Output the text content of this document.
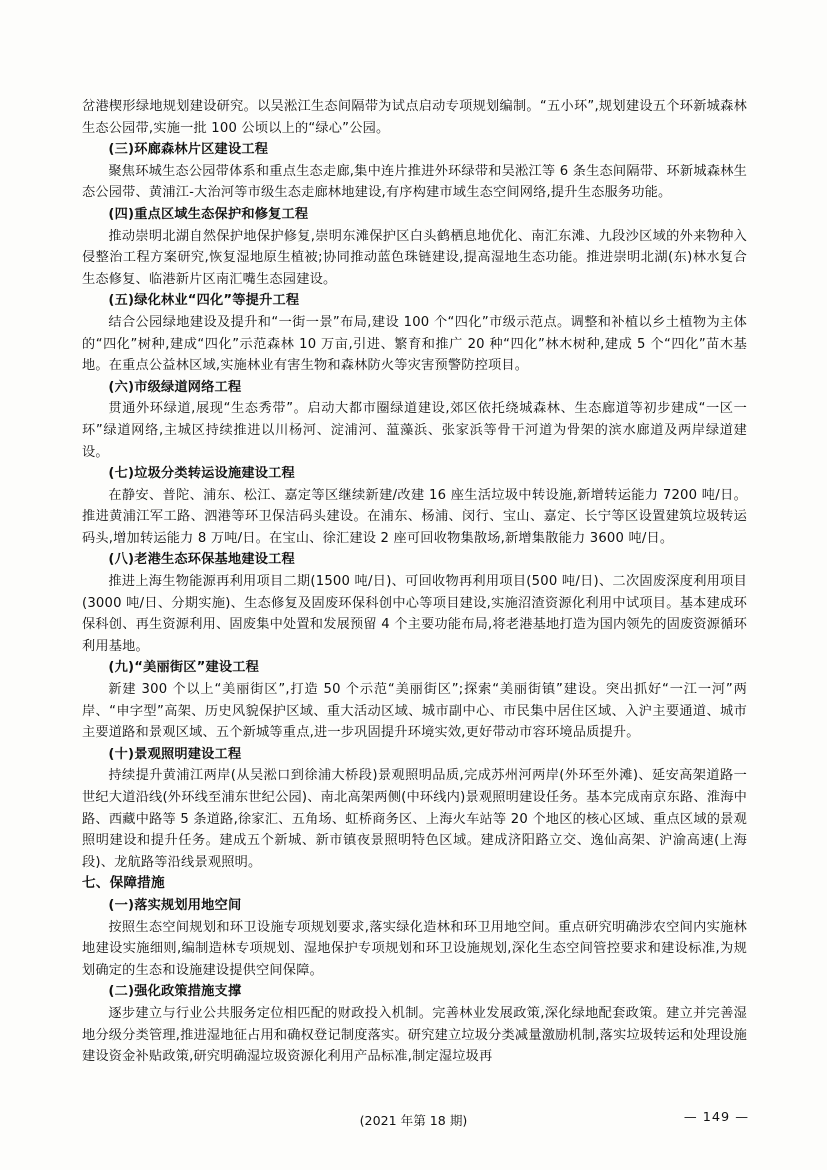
岔港楔形绿地规划建设研究。以吴淞江生态间隔带为试点启动专项规划编制。“五小环”,规划建设五个环新城森林生态公园带,实施一批 100 公顷以上的“绿心”公园。

(三)环廊森林片区建设工程

聚焦环城生态公园带体系和重点生态走廊,集中连片推进外环绿带和吴淞江等 6 条生态间隔带、环新城森林生态公园带、黄浦江-大治河等市级生态走廊林地建设,有序构建市域生态空间网络,提升生态服务功能。

(四)重点区域生态保护和修复工程

推动崇明北湖自然保护地保护修复,崇明东滩保护区白头鹤栖息地优化、南汇东滩、九段沙区域的外来物种入侵整治工程方案研究,恢复湿地原生植被;协同推动蓝色珠链建设,提高湿地生态功能。推进崇明北湖(东)林水复合生态修复、临港新片区南汇嘴生态园建设。

(五)绿化林业“四化”等提升工程

结合公园绿地建设及提升和“一街一景”布局,建设 100 个“四化”市级示范点。调整和补植以乡土植物为主体的“四化”树种,建成“四化”示范森林 10 万亩,引进、繁育和推广 20 种“四化”林木树种,建成 5 个“四化”苗木基地。在重点公益林区域,实施林业有害生物和森林防火等灾害预警防控项目。

(六)市级绿道网络工程

贯通外环绿道,展现“生态秀带”。启动大都市圈绿道建设,郊区依托绕城森林、生态廊道等初步建成“一区一环”绿道网络,主城区持续推进以川杨河、淀浦河、蕰藻浜、张家浜等骨干河道为骨架的滨水廊道及两岸绿道建设。

(七)垃圾分类转运设施建设工程

在静安、普陀、浦东、松江、嘉定等区继续新建/改建 16 座生活垃圾中转设施,新增转运能力 7200 吨/日。推进黄浦江军工路、泗港等环卫保洁码头建设。在浦东、杨浦、闵行、宝山、嘉定、长宁等区设置建筑垃圾转运码头,增加转运能力 8 万吨/日。在宝山、徐汇建设 2 座可回收物集散场,新增集散能力 3600 吨/日。

(八)老港生态环保基地建设工程

推进上海生物能源再利用项目二期(1500 吨/日)、可回收物再利用项目(500 吨/日)、二次固废深度利用项目(3000 吨/日、分期实施)、生态修复及固废环保科创中心等项目建设,实施沼渣资源化利用中试项目。基本建成环保科创、再生资源利用、固废集中处置和发展预留 4 个主要功能布局,将老港基地打造为国内领先的固废资源循环利用基地。

(九)“美丽街区”建设工程

新建 300 个以上“美丽街区”,打造 50 个示范“美丽街区”;探索“美丽街镇”建设。突出抓好“一江一河”两岸、“申字型”高架、历史风貌保护区域、重大活动区域、城市副中心、市民集中居住区域、入沪主要通道、城市主要道路和景观区域、五个新城等重点,进一步巩固提升环境实效,更好带动市容环境品质提升。

(十)景观照明建设工程

持续提升黄浦江两岸(从吴淞口到徐浦大桥段)景观照明品质,完成苏州河两岸(外环至外滩)、延安高架道路一世纪大道沿线(外环线至浦东世纪公园)、南北高架两侧(中环线内)景观照明建设任务。基本完成南京东路、淮海中路、西藏中路等 5 条道路,徐家汇、五角场、虹桥商务区、上海火车站等 20 个地区的核心区域、重点区域的景观照明建设和提升任务。建成五个新城、新市镇夜景照明特色区域。建成济阳路立交、逸仙高架、沪渝高速(上海段)、龙航路等沿线景观照明。

七、保障措施

(一)落实规划用地空间

按照生态空间规划和环卫设施专项规划要求,落实绿化造林和环卫用地空间。重点研究明确涉农空间内实施林地建设实施细则,编制造林专项规划、湿地保护专项规划和环卫设施规划,深化生态空间管控要求和建设标准,为规划确定的生态和设施建设提供空间保障。

(二)强化政策措施支撑

逐步建立与行业公共服务定位相匹配的财政投入机制。完善林业发展政策,深化绿地配套政策。建立并完善湿地分级分类管理,推进湿地征占用和确权登记制度落实。研究建立垃圾分类减量激励机制,落实垃圾转运和处理设施建设资金补贴政策,研究明确湿垃圾资源化利用产品标准,制定湿垃圾再

(2021 年第 18 期)	— 149 —
